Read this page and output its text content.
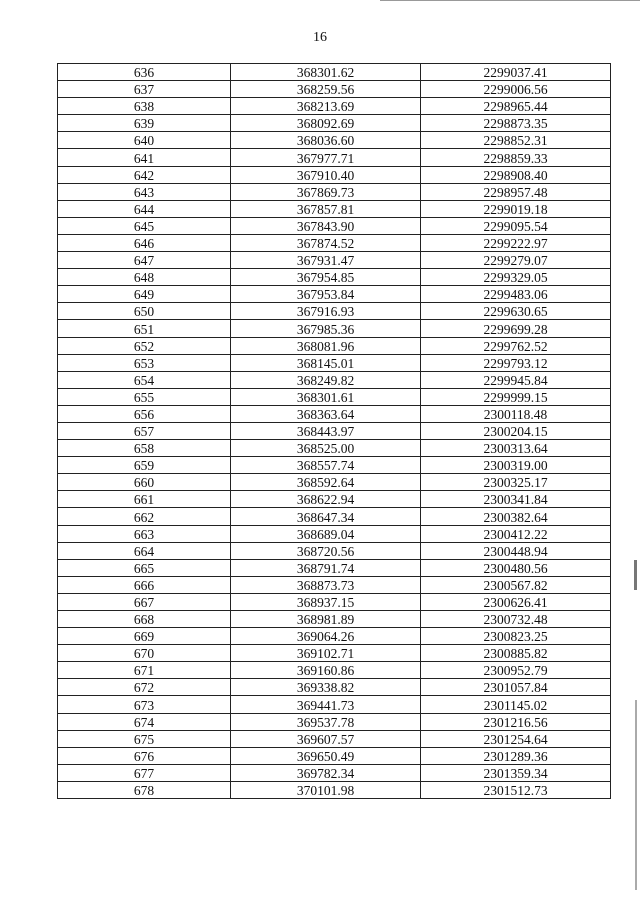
16
636	368301.62	2299037.41
637	368259.56	2299006.56
638	368213.69	2298965.44
639	368092.69	2298873.35
640	368036.60	2298852.31
641	367977.71	2298859.33
642	367910.40	2298908.40
643	367869.73	2298957.48
644	367857.81	2299019.18
645	367843.90	2299095.54
646	367874.52	2299222.97
647	367931.47	2299279.07
648	367954.85	2299329.05
649	367953.84	2299483.06
650	367916.93	2299630.65
651	367985.36	2299699.28
652	368081.96	2299762.52
653	368145.01	2299793.12
654	368249.82	2299945.84
655	368301.61	2299999.15
656	368363.64	2300118.48
657	368443.97	2300204.15
658	368525.00	2300313.64
659	368557.74	2300319.00
660	368592.64	2300325.17
661	368622.94	2300341.84
662	368647.34	2300382.64
663	368689.04	2300412.22
664	368720.56	2300448.94
665	368791.74	2300480.56
666	368873.73	2300567.82
667	368937.15	2300626.41
668	368981.89	2300732.48
669	369064.26	2300823.25
670	369102.71	2300885.82
671	369160.86	2300952.79
672	369338.82	2301057.84
673	369441.73	2301145.02
674	369537.78	2301216.56
675	369607.57	2301254.64
676	369650.49	2301289.36
677	369782.34	2301359.34
678	370101.98	2301512.73
